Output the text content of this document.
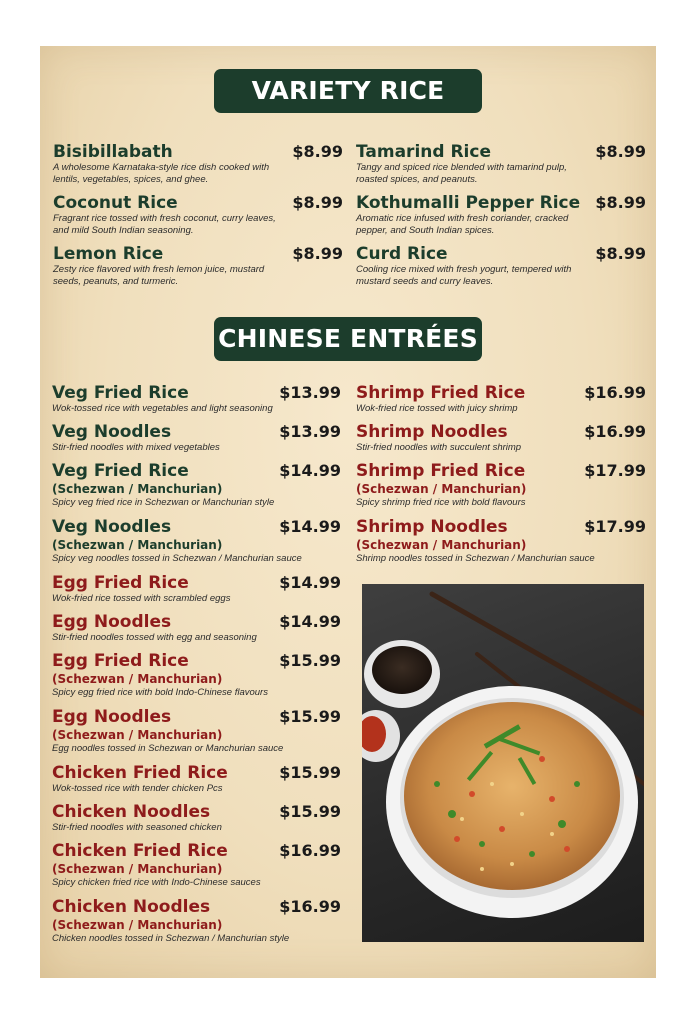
VARIETY RICE
Bisibillabath	$8.99
A wholesome Karnataka-style rice dish cooked with lentils, vegetables, spices, and ghee.
Coconut Rice	$8.99
Fragrant rice tossed with fresh coconut, curry leaves, and mild South Indian seasoning.
Lemon Rice	$8.99
Zesty rice flavored with fresh lemon juice, mustard seeds, peanuts, and turmeric.
Tamarind Rice	$8.99
Tangy and spiced rice blended with tamarind pulp, roasted spices, and peanuts.
Kothumalli Pepper Rice $8.99
Aromatic rice infused with fresh coriander, cracked pepper, and South Indian spices.
Curd Rice	$8.99
Cooling rice mixed with fresh yogurt, tempered with mustard seeds and curry leaves.
CHINESE ENTRÉES
Veg Fried Rice	$13.99
Wok-tossed rice with vegetables and light seasoning
Veg Noodles	$13.99
Stir-fried noodles with mixed vegetables
Veg Fried Rice	$14.99
(Schezwan / Manchurian)
Spicy veg fried rice in Schezwan or Manchurian style
Veg Noodles	$14.99
(Schezwan / Manchurian)
Spicy veg noodles tossed in Schezwan / Manchurian sauce
Egg Fried Rice	$14.99
Wok-fried rice tossed with scrambled eggs
Egg Noodles	$14.99
Stir-fried noodles tossed with egg and seasoning
Egg Fried Rice	$15.99
(Schezwan / Manchurian)
Spicy egg fried rice with bold Indo-Chinese flavours
Egg Noodles	$15.99
(Schezwan / Manchurian)
Egg noodles tossed in Schezwan or Manchurian sauce
Chicken Fried Rice	$15.99
Wok-tossed rice with tender chicken Pcs
Chicken Noodles	$15.99
Stir-fried noodles with seasoned chicken
Chicken Fried Rice	$16.99
(Schezwan / Manchurian)
Spicy chicken fried rice with Indo-Chinese sauces
Chicken Noodles	$16.99
(Schezwan / Manchurian)
Chicken noodles tossed in Schezwan / Manchurian style
Shrimp Fried Rice	$16.99
Wok-fried rice tossed with juicy shrimp
Shrimp Noodles	$16.99
Stir-fried noodles with succulent shrimp
Shrimp Fried Rice	$17.99
(Schezwan / Manchurian)
Spicy shrimp fried rice with bold flavours
Shrimp Noodles	$17.99
(Schezwan / Manchurian)
Shrimp noodles tossed in Schezwan / Manchurian sauce
